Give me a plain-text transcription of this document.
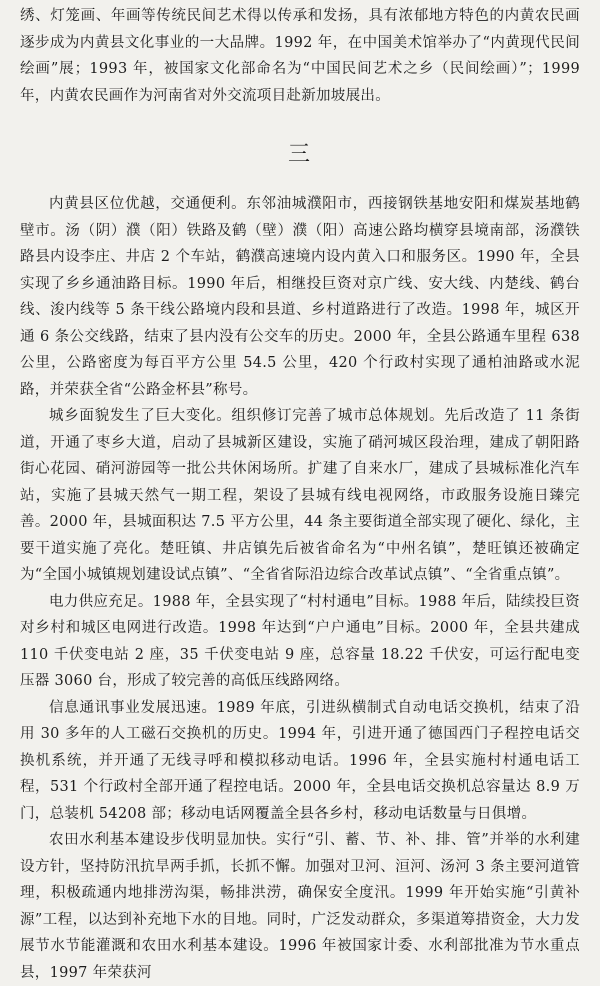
绣、灯笼画、年画等传统民间艺术得以传承和发扬，具有浓郁地方特色的内黄农民画逐步成为内黄县文化事业的一大品牌。1992 年，在中国美术馆举办了“内黄现代民间绘画”展；1993 年，被国家文化部命名为“中国民间艺术之乡（民间绘画）”；1999 年，内黄农民画作为河南省对外交流项目赴新加坡展出。

三

内黄县区位优越，交通便利。东邻油城濮阳市，西接钢铁基地安阳和煤炭基地鹤壁市。汤（阴）濮（阳）铁路及鹤（壁）濮（阳）高速公路均横穿县境南部，汤濮铁路县内设李庄、井店 2 个车站，鹤濮高速境内设内黄入口和服务区。1990 年，全县实现了乡乡通油路目标。1990 年后，相继投巨资对京广线、安大线、内楚线、鹤台线、浚内线等 5 条干线公路境内段和县道、乡村道路进行了改造。1998 年，城区开通 6 条公交线路，结束了县内没有公交车的历史。2000 年，全县公路通车里程 638 公里，公路密度为每百平方公里 54.5 公里，420 个行政村实现了通柏油路或水泥路，并荣获全省“公路金杯县”称号。

城乡面貌发生了巨大变化。组织修订完善了城市总体规划。先后改造了 11 条街道，开通了枣乡大道，启动了县城新区建设，实施了硝河城区段治理，建成了朝阳路街心花园、硝河游园等一批公共休闲场所。扩建了自来水厂，建成了县城标准化汽车站，实施了县城天然气一期工程，架设了县城有线电视网络，市政服务设施日臻完善。2000 年，县城面积达 7.5 平方公里，44 条主要街道全部实现了硬化、绿化，主要干道实施了亮化。楚旺镇、井店镇先后被省命名为“中州名镇”，楚旺镇还被确定为“全国小城镇规划建设试点镇”、“全省省际沿边综合改革试点镇”、“全省重点镇”。

电力供应充足。1988 年，全县实现了“村村通电”目标。1988 年后，陆续投巨资对乡村和城区电网进行改造。1998 年达到“户户通电”目标。2000 年，全县共建成 110 千伏变电站 2 座，35 千伏变电站 9 座，总容量 18.22 千伏安，可运行配电变压器 3060 台，形成了较完善的高低压线路网络。

信息通讯事业发展迅速。1989 年底，引进纵横制式自动电话交换机，结束了沿用 30 多年的人工磁石交换机的历史。1994 年，引进开通了德国西门子程控电话交换机系统，并开通了无线寻呼和模拟移动电话。1996 年，全县实施村村通电话工程，531 个行政村全部开通了程控电话。2000 年，全县电话交换机总容量达 8.9 万门，总装机 54208 部；移动电话网覆盖全县各乡村，移动电话数量与日俱增。

农田水利基本建设步伐明显加快。实行“引、蓄、节、补、排、管”并举的水利建设方针，坚持防汛抗旱两手抓，长抓不懈。加强对卫河、洹河、汤河 3 条主要河道管理，积极疏通内地排涝沟渠，畅排洪涝，确保安全度汛。1999 年开始实施“引黄补源”工程，以达到补充地下水的目地。同时，广泛发动群众，多渠道筹措资金，大力发展节水节能灌溉和农田水利基本建设。1996 年被国家计委、水利部批准为节水重点县，1997 年荣获河
